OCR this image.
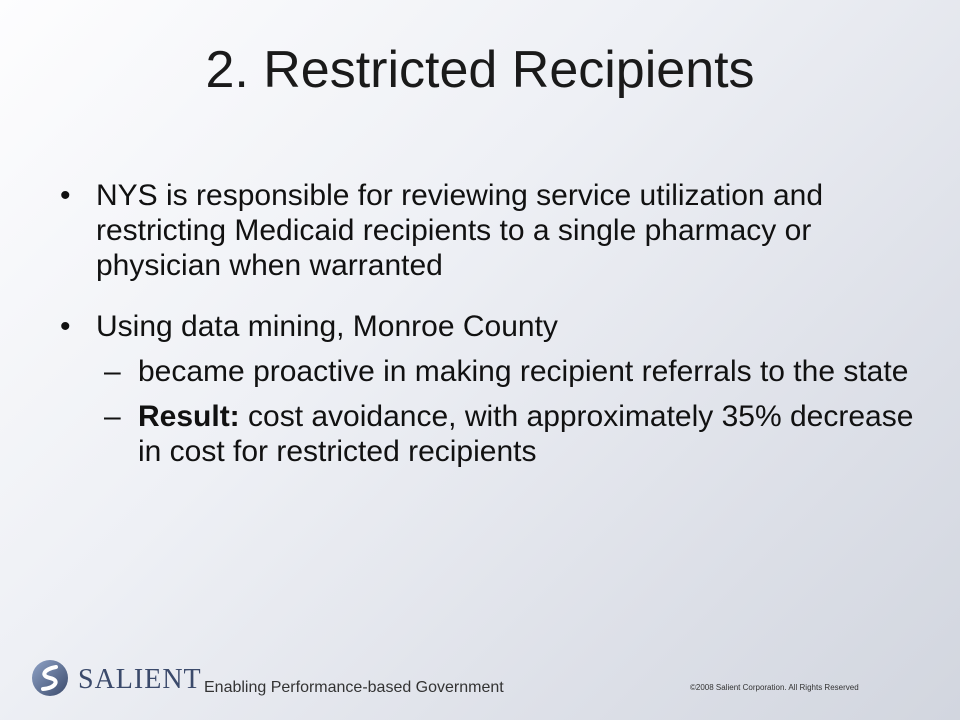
2. Restricted Recipients
• NYS is responsible for reviewing service utilization and restricting Medicaid recipients to a single pharmacy or physician when warranted
• Using data mining, Monroe County
– became proactive in making recipient referrals to the state
– Result: cost avoidance, with approximately 35% decrease in cost for restricted recipients
SALIENT Enabling Performance-based Government	©2008 Salient Corporation. All Rights Reserved
